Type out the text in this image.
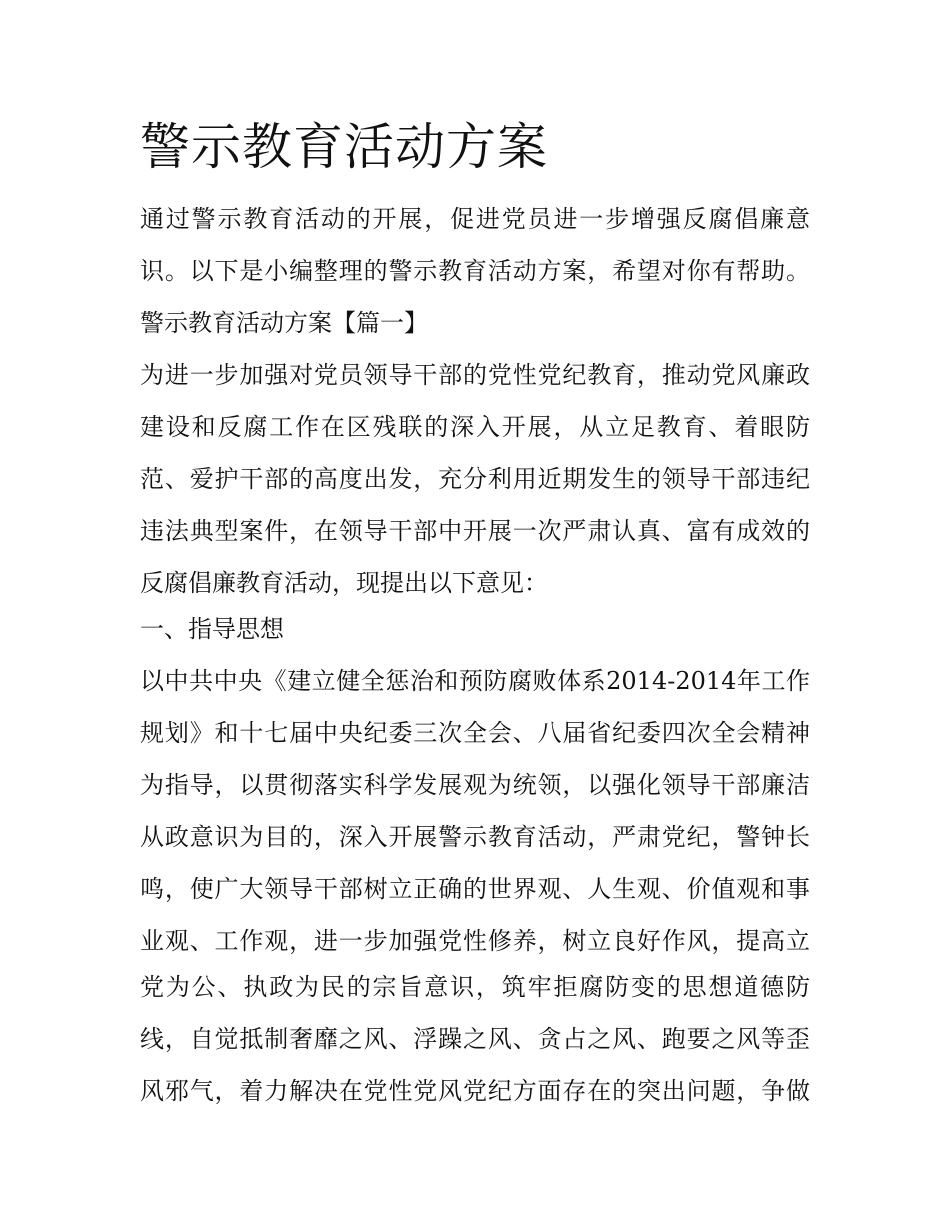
警示教育活动方案
通过警示教育活动的开展，促进党员进一步增强反腐倡廉意
识。以下是小编整理的警示教育活动方案，希望对你有帮助。
警示教育活动方案【篇一】
为进一步加强对党员领导干部的党性党纪教育，推动党风廉政
建设和反腐工作在区残联的深入开展，从立足教育、着眼防
范、爱护干部的高度出发，充分利用近期发生的领导干部违纪
违法典型案件，在领导干部中开展一次严肃认真、富有成效的
反腐倡廉教育活动，现提出以下意见：
一、指导思想
以中共中央《建立健全惩治和预防腐败体系2014-2014年工作
规划》和十七届中央纪委三次全会、八届省纪委四次全会精神
为指导，以贯彻落实科学发展观为统领，以强化领导干部廉洁
从政意识为目的，深入开展警示教育活动，严肃党纪，警钟长
鸣，使广大领导干部树立正确的世界观、人生观、价值观和事
业观、工作观，进一步加强党性修养，树立良好作风，提高立
党为公、执政为民的宗旨意识，筑牢拒腐防变的思想道德防
线，自觉抵制奢靡之风、浮躁之风、贪占之风、跑要之风等歪
风邪气，着力解决在党性党风党纪方面存在的突出问题，争做
